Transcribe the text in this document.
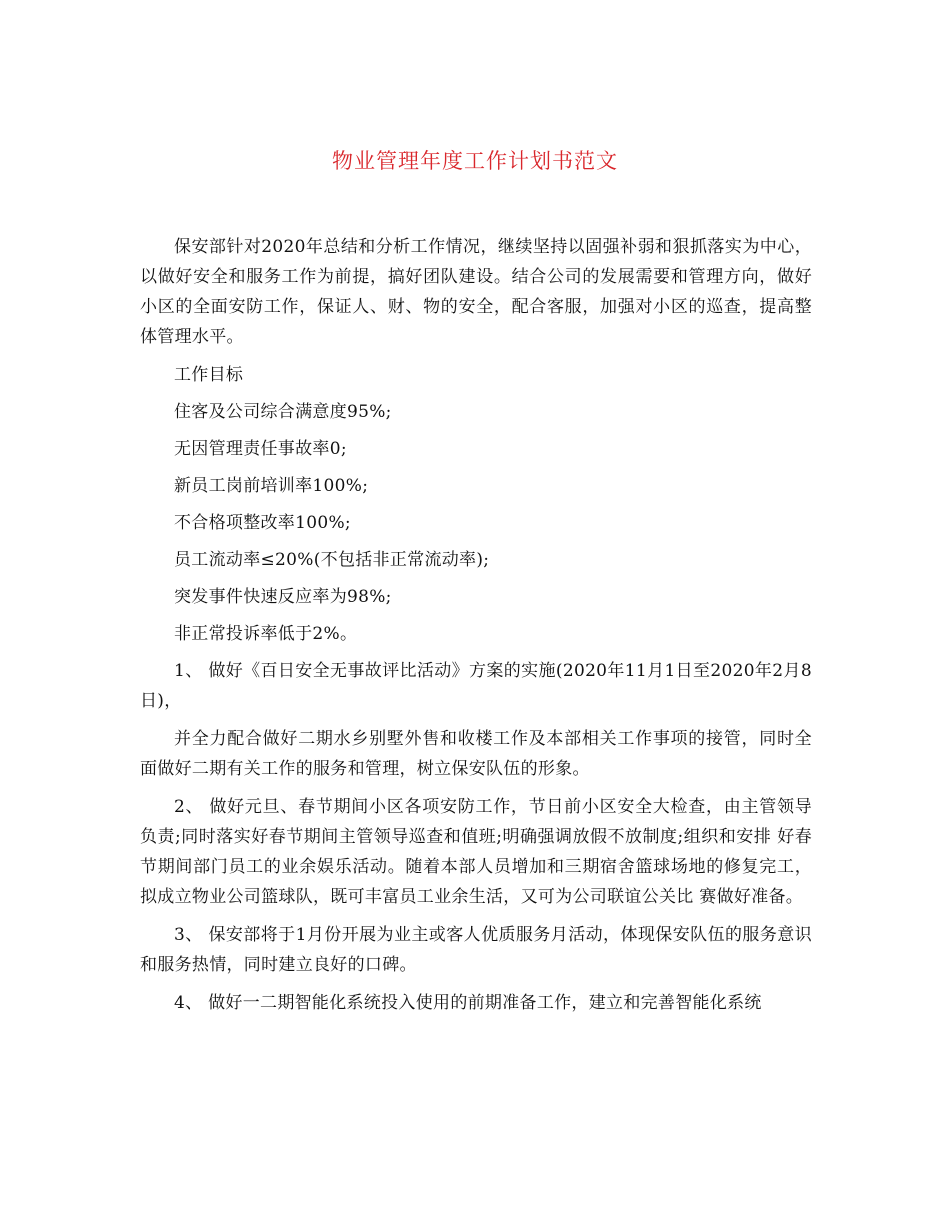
物业管理年度工作计划书范文

保安部针对2020年总结和分析工作情况，继续坚持以固强补弱和狠抓落实为中心，以做好安全和服务工作为前提，搞好团队建设。结合公司的发展需要和管理方向，做好小区的全面安防工作，保证人、财、物的安全，配合客服，加强对小区的巡查，提高整体管理水平。

工作目标

住客及公司综合满意度95%;

无因管理责任事故率0;

新员工岗前培训率100%;

不合格项整改率100%;

员工流动率≤20%(不包括非正常流动率);

突发事件快速反应率为98%;

非正常投诉率低于2%。

1、 做好《百日安全无事故评比活动》方案的实施(2020年11月1日至2020年2月8日)，

并全力配合做好二期水乡别墅外售和收楼工作及本部相关工作事项的接管，同时全面做好二期有关工作的服务和管理，树立保安队伍的形象。

2、 做好元旦、春节期间小区各项安防工作，节日前小区安全大检查，由主管领导负责;同时落实好春节期间主管领导巡查和值班;明确强调放假不放制度;组织和安排 好春节期间部门员工的业余娱乐活动。随着本部人员增加和三期宿舍篮球场地的修复完工，拟成立物业公司篮球队，既可丰富员工业余生活，又可为公司联谊公关比 赛做好准备。

3、 保安部将于1月份开展为业主或客人优质服务月活动，体现保安队伍的服务意识和服务热情，同时建立良好的口碑。

4、 做好一二期智能化系统投入使用的前期准备工作，建立和完善智能化系统
